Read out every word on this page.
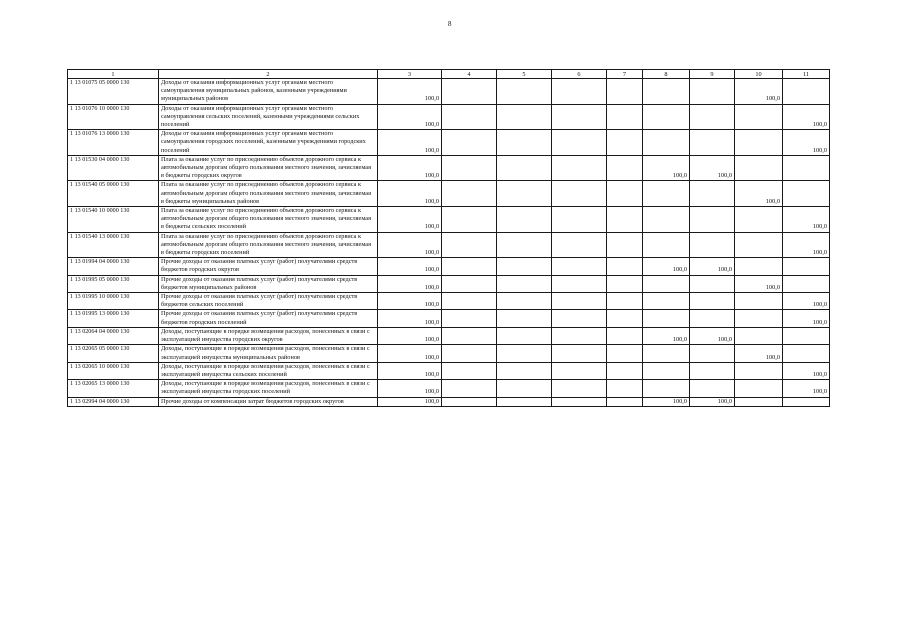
8
1	2	3	4	5	6	7	8	9	10	11
1 13 01075 05 0000 130	Доходы от оказания информационных услуг органами местного самоуправления муниципальных районов, казенными учреждениями муниципальных районов	100,0							100,0	
1 13 01076 10 0000 130	Доходы от оказания информационных услуг органами местного самоуправления сельских поселений, казенными учреждениями сельских поселений	100,0								100,0
1 13 01076 13 0000 130	Доходы от оказания информационных услуг органами местного самоуправления городских поселений, казенными учреждениями городских поселений	100,0								100,0
1 13 01530 04 0000 130	Плата за оказание услуг по присоединению объектов дорожного сервиса к автомобильным дорогам общего пользования местного значения, зачисляемая в бюджеты городских округов	100,0					100,0	100,0		
1 13 01540 05 0000 130	Плата за оказание услуг по присоединению объектов дорожного сервиса к автомобильным дорогам общего пользования местного значения, зачисляемая в бюджеты муниципальных районов	100,0							100,0	
1 13 01540 10 0000 130	Плата за оказание услуг по присоединению объектов дорожного сервиса к автомобильным дорогам общего пользования местного значения, зачисляемая в бюджеты сельских поселений	100,0								100,0
1 13 01540 13 0000 130	Плата за оказание услуг по присоединению объектов дорожного сервиса к автомобильным дорогам общего пользования местного значения, зачисляемая в бюджеты городских поселений	100,0								100,0
1 13 01994 04 0000 130	Прочие доходы от оказания платных услуг (работ) получателями средств бюджетов городских округов	100,0					100,0	100,0		
1 13 01995 05 0000 130	Прочие доходы от оказания платных услуг (работ) получателями средств бюджетов муниципальных районов	100,0							100,0	
1 13 01995 10 0000 130	Прочие доходы от оказания платных услуг (работ) получателями средств бюджетов сельских поселений	100,0								100,0
1 13 01995 13 0000 130	Прочие доходы от оказания платных услуг (работ) получателями средств бюджетов городских поселений	100,0								100,0
1 13 02064 04 0000 130	Доходы, поступающие в порядке возмещения расходов, понесенных в связи с эксплуатацией имущества городских округов	100,0					100,0	100,0		
1 13 02065 05 0000 130	Доходы, поступающие в порядке возмещения расходов, понесенных в связи с эксплуатацией имущества муниципальных районов	100,0							100,0	
1 13 02065 10 0000 130	Доходы, поступающие в порядке возмещения расходов, понесенных в связи с эксплуатацией имущества сельских поселений	100,0								100,0
1 13 02065 13 0000 130	Доходы, поступающие в порядке возмещения расходов, понесенных в связи с эксплуатацией имущества городских поселений	100,0								100,0
1 13 02994 04 0000 130	Прочие доходы от компенсации затрат бюджетов городских округов	100,0					100,0	100,0		
